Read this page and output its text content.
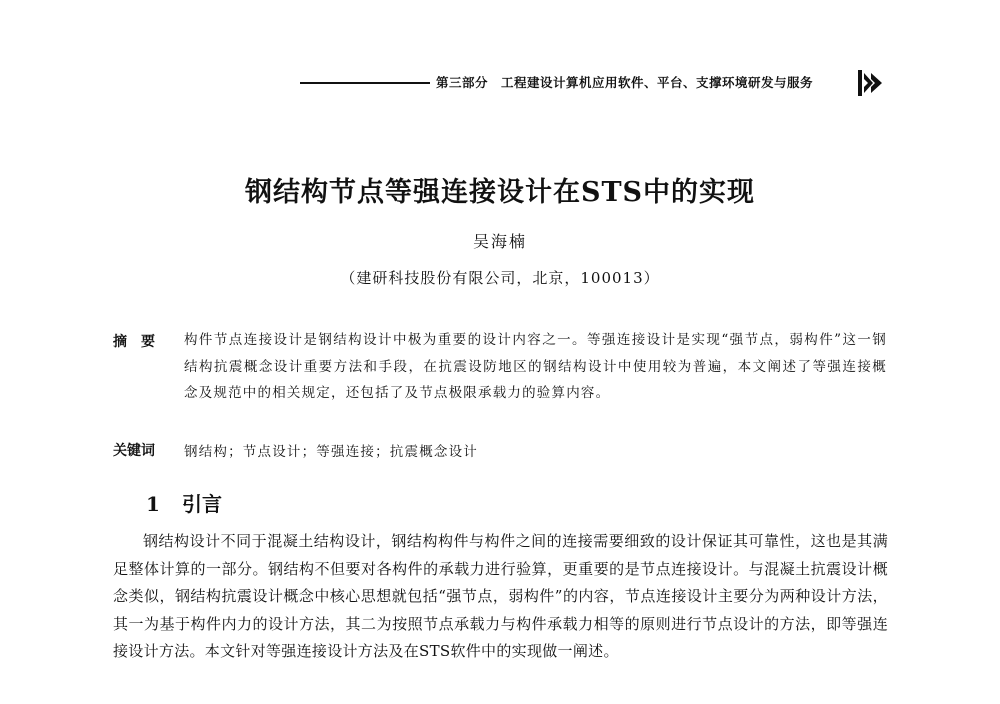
第三部分　工程建设计算机应用软件、平台、支撑环境研发与服务
钢结构节点等强连接设计在STS中的实现
吴海楠
（建研科技股份有限公司，北京，100013）
摘要 构件节点连接设计是钢结构设计中极为重要的设计内容之一。等强连接设计是实现“强节点，弱构件”这一钢结构抗震概念设计重要方法和手段，在抗震设防地区的钢结构设计中使用较为普遍，本文阐述了等强连接概念及规范中的相关规定，还包括了及节点极限承载力的验算内容。
关键词 钢结构；节点设计；等强连接；抗震概念设计
1 引言

钢结构设计不同于混凝土结构设计，钢结构构件与构件之间的连接需要细致的设计保证其可靠性，这也是其满足整体计算的一部分。钢结构不但要对各构件的承载力进行验算，更重要的是节点连接设计。与混凝土抗震设计概念类似，钢结构抗震设计概念中核心思想就包括“强节点，弱构件”的内容，节点连接设计主要分为两种设计方法，其一为基于构件内力的设计方法，其二为按照节点承载力与构件承载力相等的原则进行节点设计的方法，即等强连接设计方法。本文针对等强连接设计方法及在STS软件中的实现做一阐述。
